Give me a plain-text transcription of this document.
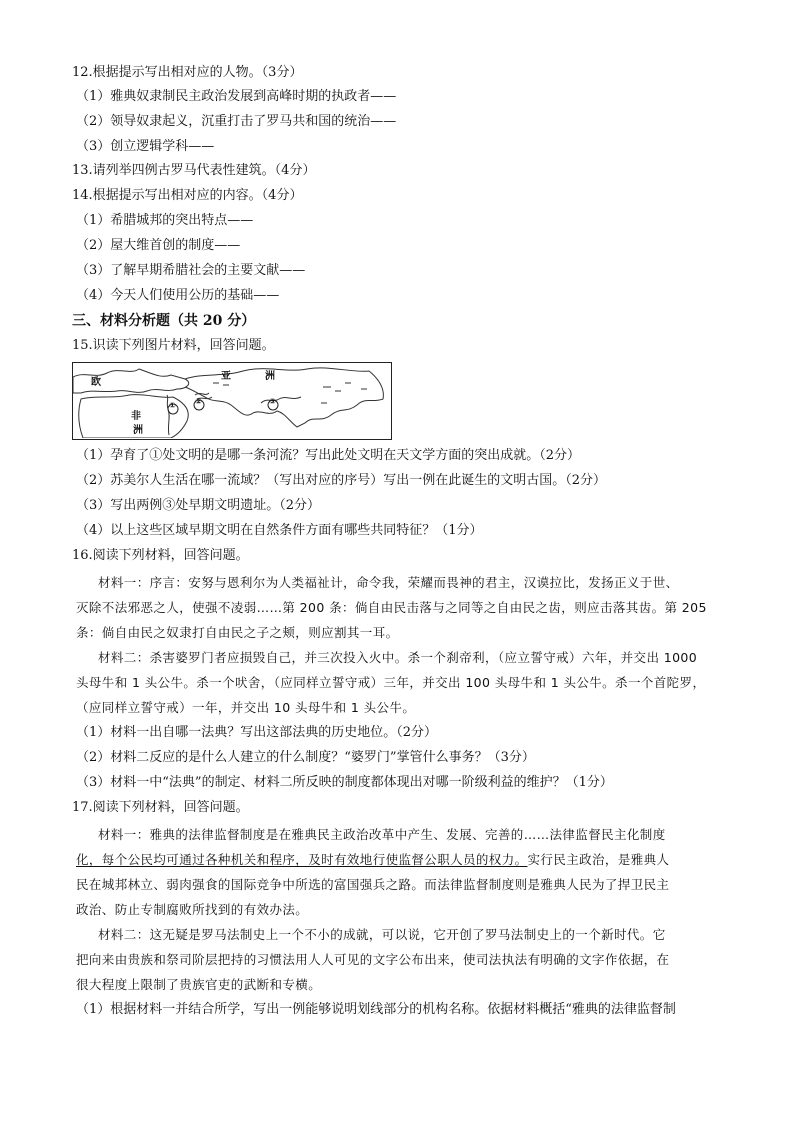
12.根据提示写出相对应的人物。（3分）
（1）雅典奴隶制民主政治发展到高峰时期的执政者——
（2）领导奴隶起义，沉重打击了罗马共和国的统治——
（3）创立逻辑学科——
13.请列举四例古罗马代表性建筑。（4分）
14.根据提示写出相对应的内容。（4分）
（1）希腊城邦的突出特点——
（2）屋大维首创的制度——
（3）了解早期希腊社会的主要文献——
（4）今天人们使用公历的基础——
三、材料分析题（共 20 分）
15.识读下列图片材料，回答问题。
欧
亚	洲
非
洲
① ②	③
（1）孕育了①处文明的是哪一条河流？写出此处文明在天文学方面的突出成就。（2分）
（2）苏美尔人生活在哪一流域？（写出对应的序号）写出一例在此诞生的文明古国。（2分）
（3）写出两例③处早期文明遗址。（2分）
（4）以上这些区域早期文明在自然条件方面有哪些共同特征？（1分）
16.阅读下列材料，回答问题。
材料一：序言：安努与恩利尔为人类福祉计，命令我，荣耀而畏神的君主，汉谟拉比，发扬正义于世、
灭除不法邪恶之人，使强不凌弱……第 200 条：倘自由民击落与之同等之自由民之齿，则应击落其齿。第 205
条：倘自由民之奴隶打自由民之子之颊，则应割其一耳。
材料二：杀害婆罗门者应损毁自己，并三次投入火中。杀一个刹帝利，（应立誓守戒）六年，并交出 1000
头母牛和 1 头公牛。杀一个吠舍，（应同样立誓守戒）三年，并交出 100 头母牛和 1 头公牛。杀一个首陀罗，
（应同样立誓守戒）一年，并交出 10 头母牛和 1 头公牛。
（1）材料一出自哪一法典？写出这部法典的历史地位。（2分）
（2）材料二反应的是什么人建立的什么制度？“婆罗门”掌管什么事务？（3分）
（3）材料一中“法典”的制定、材料二所反映的制度都体现出对哪一阶级利益的维护？（1分）
17.阅读下列材料，回答问题。
材料一：雅典的法律监督制度是在雅典民主政治改革中产生、发展、完善的……法律监督民主化制度
化，每个公民均可通过各种机关和程序，及时有效地行使监督公职人员的权力。实行民主政治，是雅典人
民在城邦林立、弱肉强食的国际竞争中所选的富国强兵之路。而法律监督制度则是雅典人民为了捍卫民主
政治、防止专制腐败所找到的有效办法。
材料二：这无疑是罗马法制史上一个不小的成就，可以说，它开创了罗马法制史上的一个新时代。它
把向来由贵族和祭司阶层把持的习惯法用人人可见的文字公布出来，使司法执法有明确的文字作依据，在
很大程度上限制了贵族官吏的武断和专横。
（1）根据材料一并结合所学，写出一例能够说明划线部分的机构名称。依据材料概括“雅典的法律监督制
